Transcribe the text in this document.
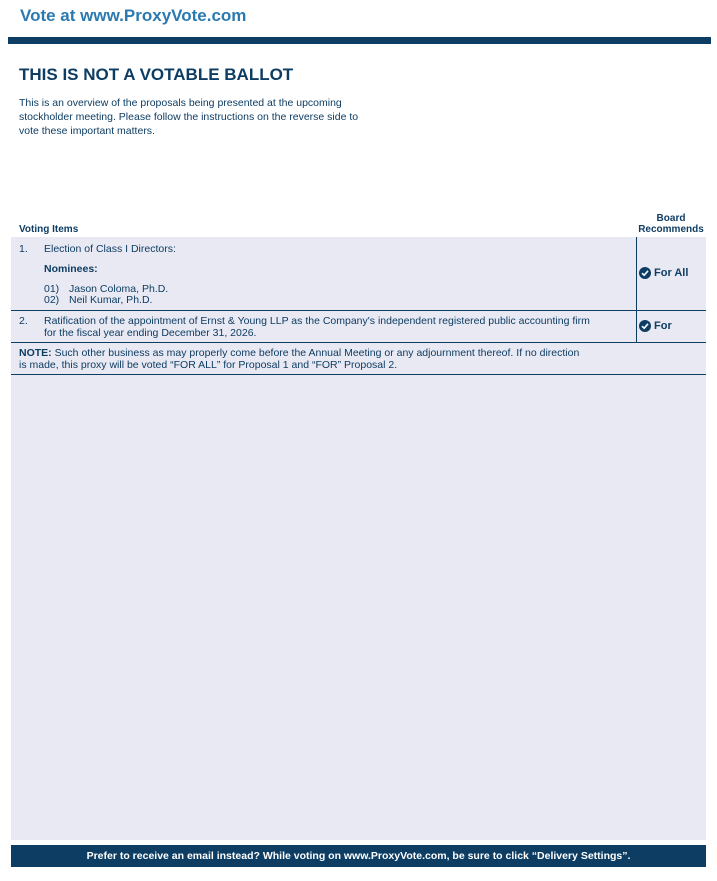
Vote at www.ProxyVote.com
THIS IS NOT A VOTABLE BALLOT
This is an overview of the proposals being presented at the upcoming stockholder meeting. Please follow the instructions on the reverse side to vote these important matters.
Voting Items
Board
Recommends
1. Election of Class I Directors:
Nominees:
01) Jason Coloma, Ph.D.
02) Neil Kumar, Ph.D.
For All
2. Ratification of the appointment of Ernst & Young LLP as the Company's independent registered public accounting firm
for the fiscal year ending December 31, 2026.
For
NOTE: Such other business as may properly come before the Annual Meeting or any adjournment thereof. If no direction
is made, this proxy will be voted “FOR ALL” for Proposal 1 and “FOR” Proposal 2.
Prefer to receive an email instead? While voting on www.ProxyVote.com, be sure to click “Delivery Settings”.
